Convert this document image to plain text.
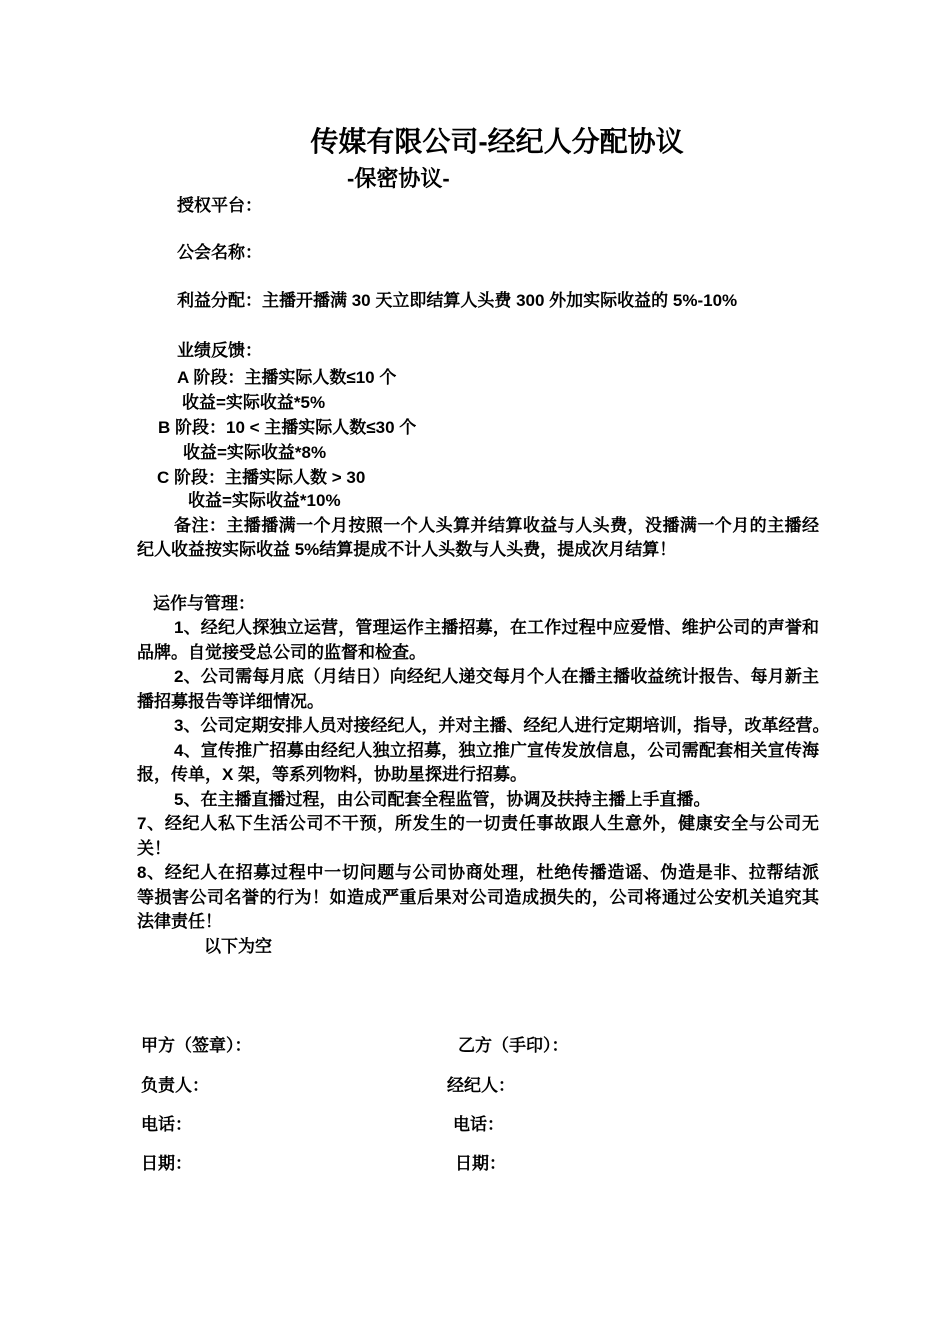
传媒有限公司-经纪人分配协议
-保密协议-
授权平台：
公会名称：
利益分配：主播开播满 30 天立即结算人头费 300 外加实际收益的 5%-10%
业绩反馈：
A 阶段：主播实际人数≤10 个
收益=实际收益*5%
B 阶段：10 < 主播实际人数≤30 个
收益=实际收益*8%
C 阶段：主播实际人数 > 30
收益=实际收益*10%
备注：主播播满一个月按照一个人头算并结算收益与人头费，没播满一个月的主播经
纪人收益按实际收益 5%结算提成不计人头数与人头费，提成次月结算！
运作与管理：
1、经纪人探独立运营，管理运作主播招募，在工作过程中应爱惜、维护公司的声誉和
品牌。自觉接受总公司的监督和检查。
2、公司需每月底（月结日）向经纪人递交每月个人在播主播收益统计报告、每月新主
播招募报告等详细情况。
3、公司定期安排人员对接经纪人，并对主播、经纪人进行定期培训，指导，改革经营。
4、宣传推广招募由经纪人独立招募，独立推广宣传发放信息，公司需配套相关宣传海
报，传单，X 架，等系列物料，协助星探进行招募。
5、在主播直播过程，由公司配套全程监管，协调及扶持主播上手直播。
7、经纪人私下生活公司不干预，所发生的一切责任事故跟人生意外，健康安全与公司无
关！
8、经纪人在招募过程中一切问题与公司协商处理，杜绝传播造谣、伪造是非、拉帮结派
等损害公司名誉的行为！如造成严重后果对公司造成损失的，公司将通过公安机关追究其
法律责任！
以下为空
甲方（签章）：	乙方（手印）：
负责人：	经纪人：
电话：	电话：
日期：	日期：
